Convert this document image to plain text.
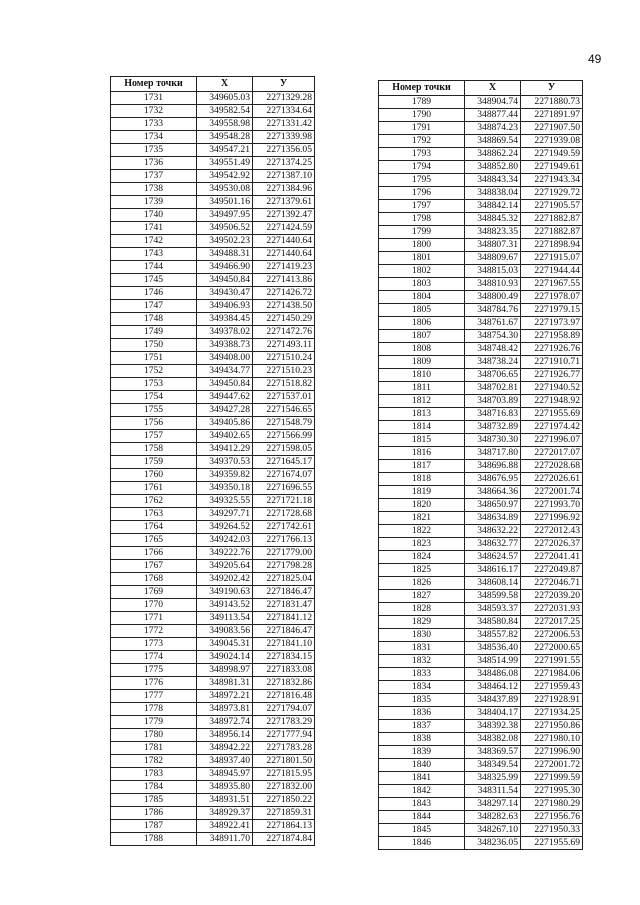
49
Номер точки	X	У
1731	349605.03	2271329.28
1732	349582.54	2271334.64
1733	349558.98	2271331.42
1734	349548.28	2271339.98
1735	349547.21	2271356.05
1736	349551.49	2271374.25
1737	349542.92	2271387.10
1738	349530.08	2271384.96
1739	349501.16	2271379.61
1740	349497.95	2271392.47
1741	349506.52	2271424.59
1742	349502.23	2271440.64
1743	349488.31	2271440.64
1744	349466.90	2271419.23
1745	349450.84	2271413.86
1746	349430.47	2271426.72
1747	349406.93	2271438.50
1748	349384.45	2271450.29
1749	349378.02	2271472.76
1750	349388.73	2271493.11
1751	349408.00	2271510.24
1752	349434.77	2271510.23
1753	349450.84	2271518.82
1754	349447.62	2271537.01
1755	349427.28	2271546.65
1756	349405.86	2271548.79
1757	349402.65	2271566.99
1758	349412.29	2271598.05
1759	349370.53	2271645.17
1760	349359.82	2271674.07
1761	349350.18	2271696.55
1762	349325.55	2271721.18
1763	349297.71	2271728.68
1764	349264.52	2271742.61
1765	349242.03	2271766.13
1766	349222.76	2271779.00
1767	349205.64	2271798.28
1768	349202.42	2271825.04
1769	349190.63	2271846.47
1770	349143.52	2271831.47
1771	349113.54	2271841.12
1772	349083.56	2271846.47
1773	349045.31	2271841.10
1774	349024.14	2271834.15
1775	348998.97	2271833.08
1776	348981.31	2271832.86
1777	348972.21	2271816.48
1778	348973.81	2271794.07
1779	348972.74	2271783.29
1780	348956.14	2271777.94
1781	348942.22	2271783.28
1782	348937.40	2271801.50
1783	348945.97	2271815.95
1784	348935.80	2271832.00
1785	348931.51	2271850.22
1786	348929.37	2271859.31
1787	348922.41	2271864.13
1788	348911.70	2271874.84
Номер точки	X	У
1789	348904.74	2271880.73
1790	348877.44	2271891.97
1791	348874.23	2271907.50
1792	348869.54	2271939.08
1793	348862.24	2271949.59
1794	348852.80	2271949.61
1795	348843.34	2271943.34
1796	348838.04	2271929.72
1797	348842.14	2271905.57
1798	348845.32	2271882.87
1799	348823.35	2271882.87
1800	348807.31	2271898.94
1801	348809.67	2271915.07
1802	348815.03	2271944.44
1803	348810.93	2271967.55
1804	348800.49	2271978.07
1805	348784.76	2271979.15
1806	348761.67	2271973.97
1807	348754.30	2271958.89
1808	348748.42	2271926.76
1809	348738.24	2271910.71
1810	348706.65	2271926.77
1811	348702.81	2271940.52
1812	348703.89	2271948.92
1813	348716.83	2271955.69
1814	348732.89	2271974.42
1815	348730.30	2271996.07
1816	348717.80	2272017.07
1817	348696.88	2272028.68
1818	348676.95	2272026.61
1819	348664.36	2272001.74
1820	348650.97	2271993.70
1821	348634.89	2271996.92
1822	348632.22	2272012.43
1823	348632.77	2272026.37
1824	348624.57	2272041.41
1825	348616.17	2272049.87
1826	348608.14	2272046.71
1827	348599.58	2272039.20
1828	348593.37	2272031.93
1829	348580.84	2272017.25
1830	348557.82	2272006.53
1831	348536.40	2272000.65
1832	348514.99	2271991.55
1833	348486.08	2271984.06
1834	348464.12	2271959.43
1835	348437.89	2271928.91
1836	348404.17	2271934.25
1837	348392.38	2271950.86
1838	348382.08	2271980.10
1839	348369.57	2271996.90
1840	348349.54	2272001.72
1841	348325.99	2271999.59
1842	348311.54	2271995.30
1843	348297.14	2271980.29
1844	348282.63	2271956.76
1845	348267.10	2271950.33
1846	348236.05	2271955.69
